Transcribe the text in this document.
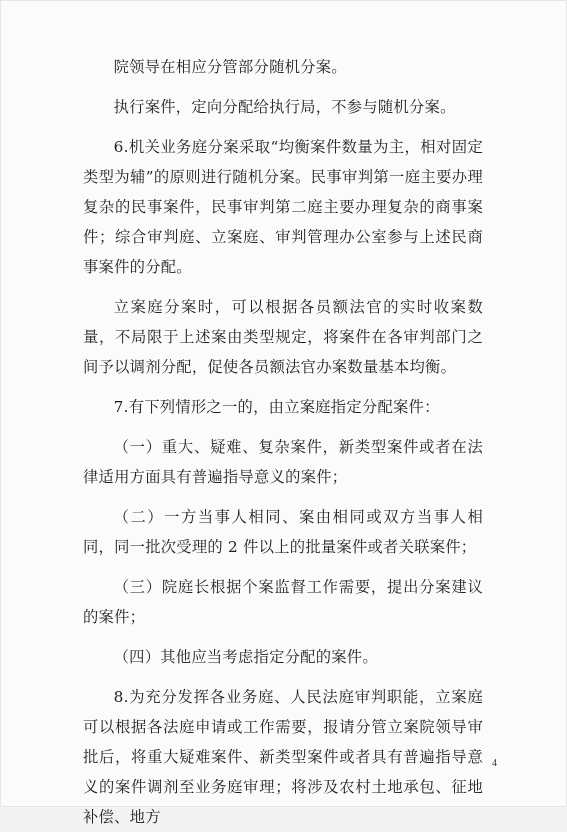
院领导在相应分管部分随机分案。

执行案件，定向分配给执行局，不参与随机分案。

6.机关业务庭分案采取“均衡案件数量为主，相对固定类型为辅”的原则进行随机分案。民事审判第一庭主要办理复杂的民事案件，民事审判第二庭主要办理复杂的商事案件；综合审判庭、立案庭、审判管理办公室参与上述民商事案件的分配。

立案庭分案时，可以根据各员额法官的实时收案数量，不局限于上述案由类型规定，将案件在各审判部门之间予以调剂分配，促使各员额法官办案数量基本均衡。

7.有下列情形之一的，由立案庭指定分配案件：

（一）重大、疑难、复杂案件，新类型案件或者在法律适用方面具有普遍指导意义的案件；

（二）一方当事人相同、案由相同或双方当事人相同，同一批次受理的 2 件以上的批量案件或者关联案件；

（三）院庭长根据个案监督工作需要，提出分案建议的案件；

（四）其他应当考虑指定分配的案件。

8.为充分发挥各业务庭、人民法庭审判职能，立案庭可以根据各法庭申请或工作需要，报请分管立案院领导审批后，将重大疑难案件、新类型案件或者具有普遍指导意义的案件调剂至业务庭审理；将涉及农村土地承包、征地补偿、地方

4
